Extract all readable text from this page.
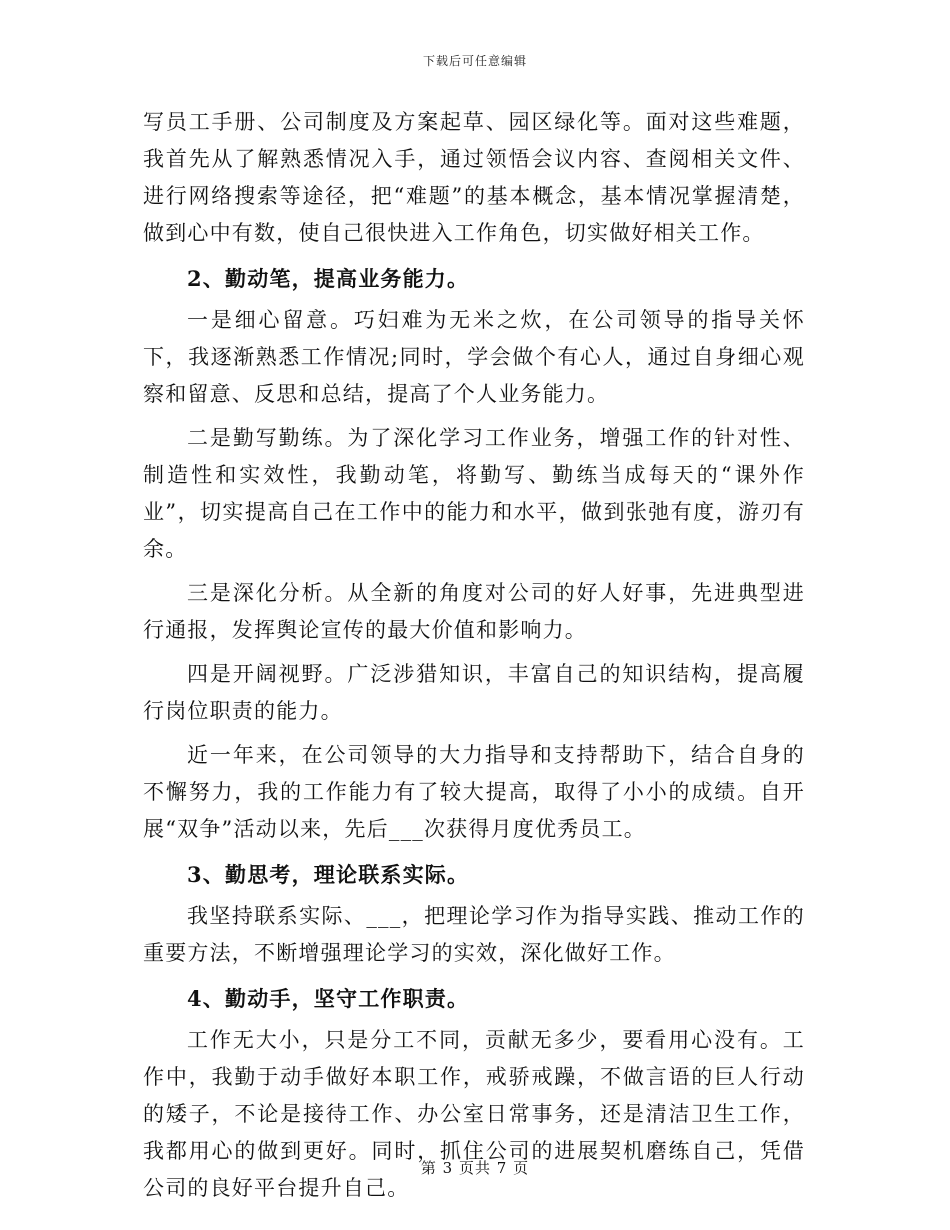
下载后可任意编辑

写员工手册、公司制度及方案起草、园区绿化等。面对这些难题，我首先从了解熟悉情况入手，通过领悟会议内容、查阅相关文件、进行网络搜索等途径，把“难题”的基本概念，基本情况掌握清楚，做到心中有数，使自己很快进入工作角色，切实做好相关工作。

2、勤动笔，提高业务能力。

一是细心留意。巧妇难为无米之炊，在公司领导的指导关怀下，我逐渐熟悉工作情况;同时，学会做个有心人，通过自身细心观察和留意、反思和总结，提高了个人业务能力。

二是勤写勤练。为了深化学习工作业务，增强工作的针对性、制造性和实效性，我勤动笔，将勤写、勤练当成每天的“课外作业”，切实提高自己在工作中的能力和水平，做到张弛有度，游刃有余。

三是深化分析。从全新的角度对公司的好人好事，先进典型进行通报，发挥舆论宣传的最大价值和影响力。

四是开阔视野。广泛涉猎知识，丰富自己的知识结构，提高履行岗位职责的能力。

近一年来，在公司领导的大力指导和支持帮助下，结合自身的不懈努力，我的工作能力有了较大提高，取得了小小的成绩。自开展“双争”活动以来，先后___次获得月度优秀员工。

3、勤思考，理论联系实际。

我坚持联系实际、___，把理论学习作为指导实践、推动工作的重要方法，不断增强理论学习的实效，深化做好工作。

4、勤动手，坚守工作职责。

工作无大小，只是分工不同，贡献无多少，要看用心没有。工作中，我勤于动手做好本职工作，戒骄戒躁，不做言语的巨人行动的矮子，不论是接待工作、办公室日常事务，还是清洁卫生工作，我都用心的做到更好。同时，抓住公司的进展契机磨练自己，凭借公司的良好平台提升自己。

第 3 页共 7 页
